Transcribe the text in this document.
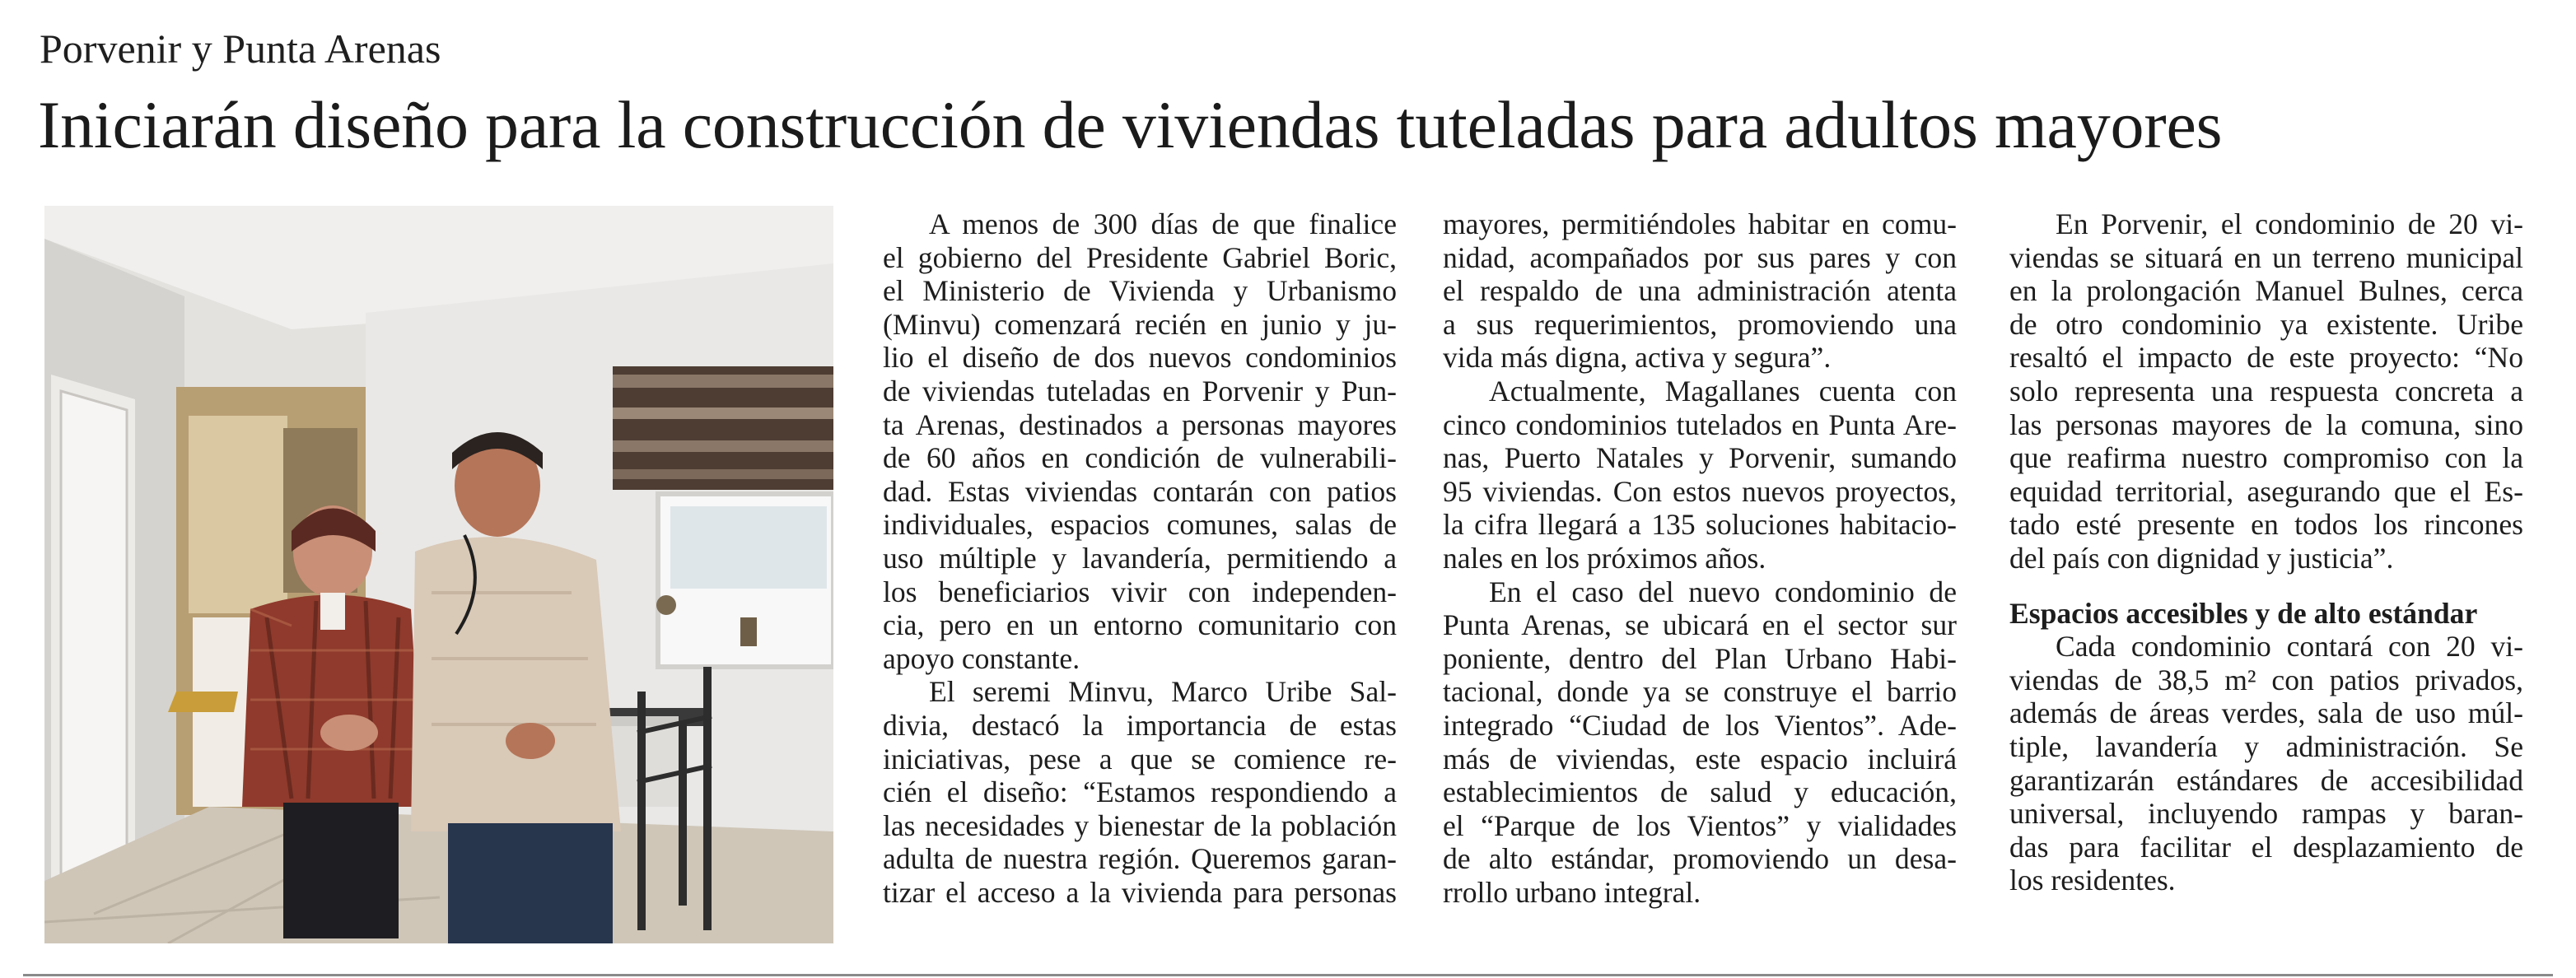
Porvenir y Punta Arenas
Iniciarán diseño para la construcción de viviendas tuteladas para adultos mayores
A menos de 300 días de que finalice
el gobierno del Presidente Gabriel Boric,
el Ministerio de Vivienda y Urbanismo
(Minvu) comenzará recién en junio y ju-
lio el diseño de dos nuevos condominios
de viviendas tuteladas en Porvenir y Pun-
ta Arenas, destinados a personas mayores
de 60 años en condición de vulnerabili-
dad. Estas viviendas contarán con patios
individuales, espacios comunes, salas de
uso múltiple y lavandería, permitiendo a
los beneficiarios vivir con independen-
cia, pero en un entorno comunitario con
apoyo constante.
El seremi Minvu, Marco Uribe Sal-
divia, destacó la importancia de estas
iniciativas, pese a que se comience re-
cién el diseño: “Estamos respondiendo a
las necesidades y bienestar de la población
adulta de nuestra región. Queremos garan-
tizar el acceso a la vivienda para personas
mayores, permitiéndoles habitar en comu-
nidad, acompañados por sus pares y con
el respaldo de una administración atenta
a sus requerimientos, promoviendo una
vida más digna, activa y segura”.
Actualmente, Magallanes cuenta con
cinco condominios tutelados en Punta Are-
nas, Puerto Natales y Porvenir, sumando
95 viviendas. Con estos nuevos proyectos,
la cifra llegará a 135 soluciones habitacio-
nales en los próximos años.
En el caso del nuevo condominio de
Punta Arenas, se ubicará en el sector sur
poniente, dentro del Plan Urbano Habi-
tacional, donde ya se construye el barrio
integrado “Ciudad de los Vientos”. Ade-
más de viviendas, este espacio incluirá
establecimientos de salud y educación,
el “Parque de los Vientos” y vialidades
de alto estándar, promoviendo un desa-
rrollo urbano integral.
En Porvenir, el condominio de 20 vi-
viendas se situará en un terreno municipal
en la prolongación Manuel Bulnes, cerca
de otro condominio ya existente. Uribe
resaltó el impacto de este proyecto: “No
solo representa una respuesta concreta a
las personas mayores de la comuna, sino
que reafirma nuestro compromiso con la
equidad territorial, asegurando que el Es-
tado esté presente en todos los rincones
del país con dignidad y justicia”.
Espacios accesibles y de alto estándar
Cada condominio contará con 20 vi-
viendas de 38,5 m² con patios privados,
además de áreas verdes, sala de uso múl-
tiple, lavandería y administración. Se
garantizarán estándares de accesibilidad
universal, incluyendo rampas y baran-
das para facilitar el desplazamiento de
los residentes.
